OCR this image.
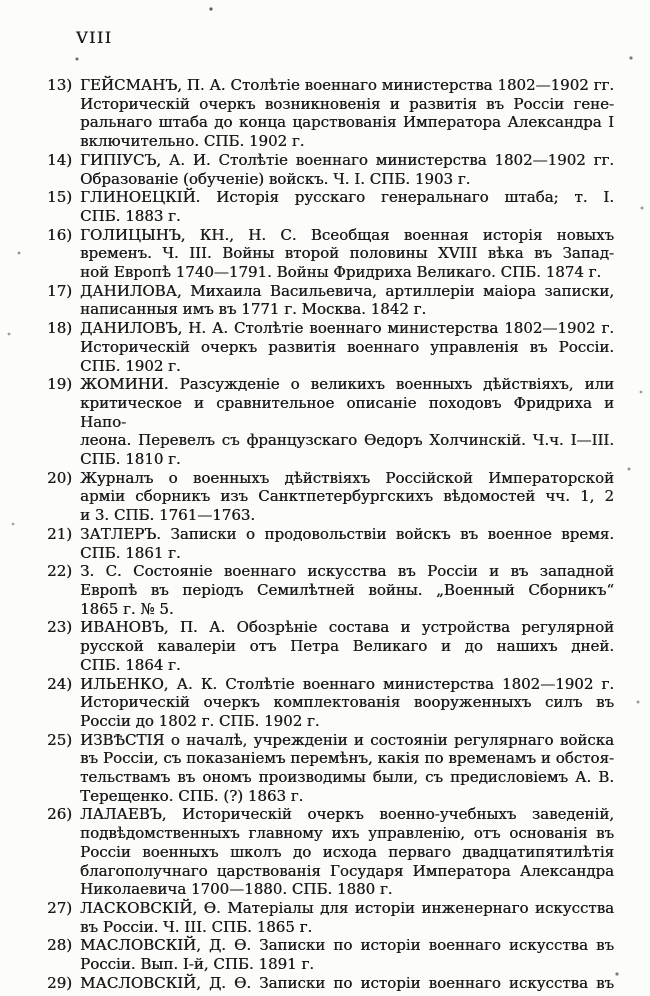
VIII
13) ГЕЙСМАНЪ, П. А. Столѣтіе военнаго министерства 1802—1902 гг.
Историческій очеркъ возникновенія и развитія въ Россіи гене-
ральнаго штаба до конца царствованія Императора Александра I
включительно. СПБ. 1902 г.
14) ГИПІУСЪ, А. И. Столѣтіе военнаго министерства 1802—1902 гг.
Образованіе (обученіе) войскъ. Ч. I. СПБ. 1903 г.
15) ГЛИНОЕЦКІЙ. Исторія русскаго генеральнаго штаба; т. I.
СПБ. 1883 г.
16) ГОЛИЦЫНЪ, КН., Н. С. Всеобщая военная исторія новыхъ
временъ. Ч. III. Войны второй половины XVIII вѣка въ Запад-
ной Европѣ 1740—1791. Войны Фридриха Великаго. СПБ. 1874 г.
17) ДАНИЛОВА, Михаила Васильевича, артиллеріи маіора записки,
написанныя имъ въ 1771 г. Москва. 1842 г.
18) ДАНИЛОВЪ, Н. А. Столѣтіе военнаго министерства 1802—1902 г.
Историческій очеркъ развитія военнаго управленія въ Россіи.
СПБ. 1902 г.
19) ЖОМИНИ. Разсужденіе о великихъ военныхъ дѣйствіяхъ, или
критическое и сравнительное описаніе походовъ Фридриха и Напо-
леона. Перевелъ съ французскаго Ѳедоръ Холчинскій. Ч.ч. I—III.
СПБ. 1810 г.
20) Журналъ о военныхъ дѣйствіяхъ Россійской Императорской
арміи сборникъ изъ Санктпетербургскихъ вѣдомостей чч. 1, 2
и 3. СПБ. 1761—1763.
21) ЗАТЛЕРЪ. Записки о продовольствіи войскъ въ военное время.
СПБ. 1861 г.
22) З. С. Состояніе военнаго искусства въ Россіи и въ западной
Европѣ въ періодъ Семилѣтней войны. „Военный Сборникъ“
1865 г. № 5.
23) ИВАНОВЪ, П. А. Обозрѣніе состава и устройства регулярной
русской кавалеріи отъ Петра Великаго и до нашихъ дней.
СПБ. 1864 г.
24) ИЛЬЕНКО, А. К. Столѣтіе военнаго министерства 1802—1902 г.
Историческій очеркъ комплектованія вооруженныхъ силъ въ
Россіи до 1802 г. СПБ. 1902 г.
25) ИЗВѢСТІЯ о началѣ, учрежденіи и состояніи регулярнаго войска
въ Россіи, съ показаніемъ перемѣнъ, какія по временамъ и обстоя-
тельствамъ въ ономъ производимы были, съ предисловіемъ А. В.
Терещенко. СПБ. (?) 1863 г.
26) ЛАЛАЕВЪ, Историческій очеркъ военно-учебныхъ заведеній,
подвѣдомственныхъ главному ихъ управленію, отъ основанія въ
Россіи военныхъ школъ до исхода перваго двадцатипятилѣтія
благополучнаго царствованія Государя Императора Александра
Николаевича 1700—1880. СПБ. 1880 г.
27) ЛАСКОВСКІЙ, Ѳ. Матеріалы для исторіи инженернаго искусства
въ Россіи. Ч. III. СПБ. 1865 г.
28) МАСЛОВСКІЙ, Д. Ѳ. Записки по исторіи военнаго искусства въ
Россіи. Вып. I-й, СПБ. 1891 г.
29) МАСЛОВСКІЙ, Д. Ѳ. Записки по исторіи военнаго искусства въ
